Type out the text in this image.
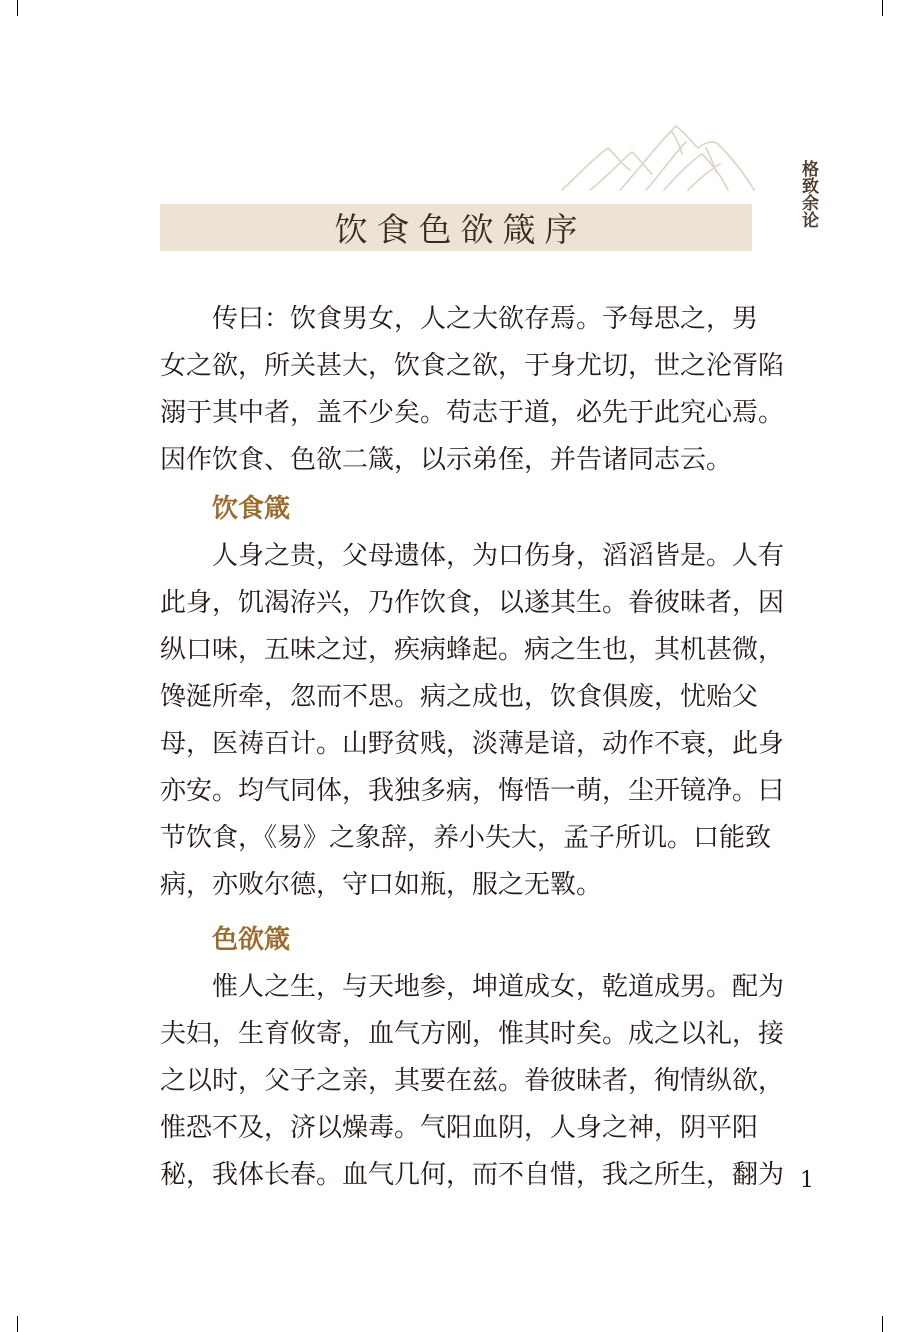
饮食色欲箴序
格致余论
传曰：饮食男女，人之大欲存焉。予每思之，男
女之欲，所关甚大，饮食之欲，于身尤切，世之沦胥陷
溺于其中者，盖不少矣。苟志于道，必先于此究心焉。
因作饮食、色欲二箴，以示弟侄，并告诸同志云。
饮食箴
人身之贵，父母遗体，为口伤身，滔滔皆是。人有
此身，饥渴洊兴，乃作饮食，以遂其生。眷彼昧者，因
纵口味，五味之过，疾病蜂起。病之生也，其机甚微，
馋涎所牵，忽而不思。病之成也，饮食俱废，忧贻父
母，医祷百计。山野贫贱，淡薄是谙，动作不衰，此身
亦安。均气同体，我独多病，悔悟一萌，尘开镜净。曰
节饮食，《易》之象辞，养小失大，孟子所讥。口能致
病，亦败尔德，守口如瓶，服之无斁。
色欲箴
惟人之生，与天地参，坤道成女，乾道成男。配为
夫妇，生育攸寄，血气方刚，惟其时矣。成之以礼，接
之以时，父子之亲，其要在兹。眷彼昧者，徇情纵欲，
惟恐不及，济以燥毒。气阳血阴，人身之神，阴平阳
秘，我体长春。血气几何，而不自惜，我之所生，翻为 1
